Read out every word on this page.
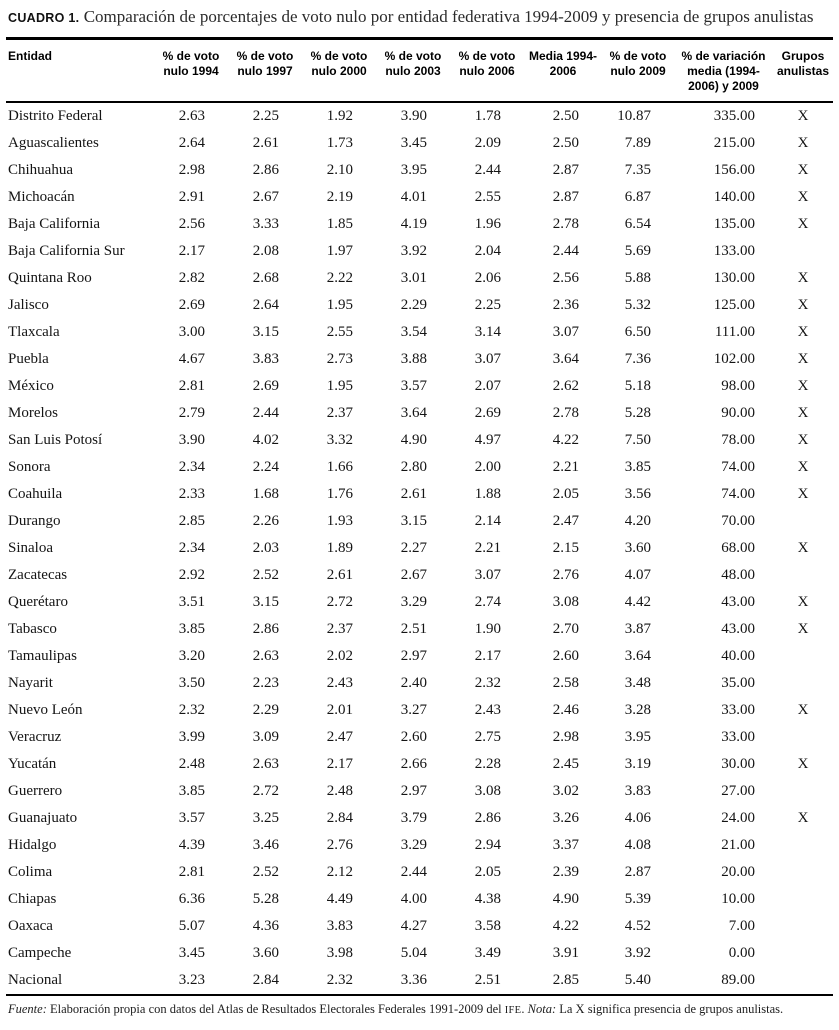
CUADRO 1. Comparación de porcentajes de voto nulo por entidad federativa 1994-2009 y presencia de grupos anulistas
Entidad	% de voto nulo 1994	% de voto nulo 1997	% de voto nulo 2000	% de voto nulo 2003	% de voto nulo 2006	Media 1994-2006	% de voto nulo 2009	% de variación media (1994-2006) y 2009	Grupos anulistas
Distrito Federal	2.63	2.25	1.92	3.90	1.78	2.50	10.87	335.00	X
Aguascalientes	2.64	2.61	1.73	3.45	2.09	2.50	7.89	215.00	X
Chihuahua	2.98	2.86	2.10	3.95	2.44	2.87	7.35	156.00	X
Michoacán	2.91	2.67	2.19	4.01	2.55	2.87	6.87	140.00	X
Baja California	2.56	3.33	1.85	4.19	1.96	2.78	6.54	135.00	X
Baja California Sur	2.17	2.08	1.97	3.92	2.04	2.44	5.69	133.00	
Quintana Roo	2.82	2.68	2.22	3.01	2.06	2.56	5.88	130.00	X
Jalisco	2.69	2.64	1.95	2.29	2.25	2.36	5.32	125.00	X
Tlaxcala	3.00	3.15	2.55	3.54	3.14	3.07	6.50	111.00	X
Puebla	4.67	3.83	2.73	3.88	3.07	3.64	7.36	102.00	X
México	2.81	2.69	1.95	3.57	2.07	2.62	5.18	98.00	X
Morelos	2.79	2.44	2.37	3.64	2.69	2.78	5.28	90.00	X
San Luis Potosí	3.90	4.02	3.32	4.90	4.97	4.22	7.50	78.00	X
Sonora	2.34	2.24	1.66	2.80	2.00	2.21	3.85	74.00	X
Coahuila	2.33	1.68	1.76	2.61	1.88	2.05	3.56	74.00	X
Durango	2.85	2.26	1.93	3.15	2.14	2.47	4.20	70.00	
Sinaloa	2.34	2.03	1.89	2.27	2.21	2.15	3.60	68.00	X
Zacatecas	2.92	2.52	2.61	2.67	3.07	2.76	4.07	48.00	
Querétaro	3.51	3.15	2.72	3.29	2.74	3.08	4.42	43.00	X
Tabasco	3.85	2.86	2.37	2.51	1.90	2.70	3.87	43.00	X
Tamaulipas	3.20	2.63	2.02	2.97	2.17	2.60	3.64	40.00	
Nayarit	3.50	2.23	2.43	2.40	2.32	2.58	3.48	35.00	
Nuevo León	2.32	2.29	2.01	3.27	2.43	2.46	3.28	33.00	X
Veracruz	3.99	3.09	2.47	2.60	2.75	2.98	3.95	33.00	
Yucatán	2.48	2.63	2.17	2.66	2.28	2.45	3.19	30.00	X
Guerrero	3.85	2.72	2.48	2.97	3.08	3.02	3.83	27.00	
Guanajuato	3.57	3.25	2.84	3.79	2.86	3.26	4.06	24.00	X
Hidalgo	4.39	3.46	2.76	3.29	2.94	3.37	4.08	21.00	
Colima	2.81	2.52	2.12	2.44	2.05	2.39	2.87	20.00	
Chiapas	6.36	5.28	4.49	4.00	4.38	4.90	5.39	10.00	
Oaxaca	5.07	4.36	3.83	4.27	3.58	4.22	4.52	7.00	
Campeche	3.45	3.60	3.98	5.04	3.49	3.91	3.92	0.00	
Nacional	3.23	2.84	2.32	3.36	2.51	2.85	5.40	89.00	
Fuente: Elaboración propia con datos del Atlas de Resultados Electorales Federales 1991-2009 del IFE. Nota: La X significa presencia de grupos anulistas.
